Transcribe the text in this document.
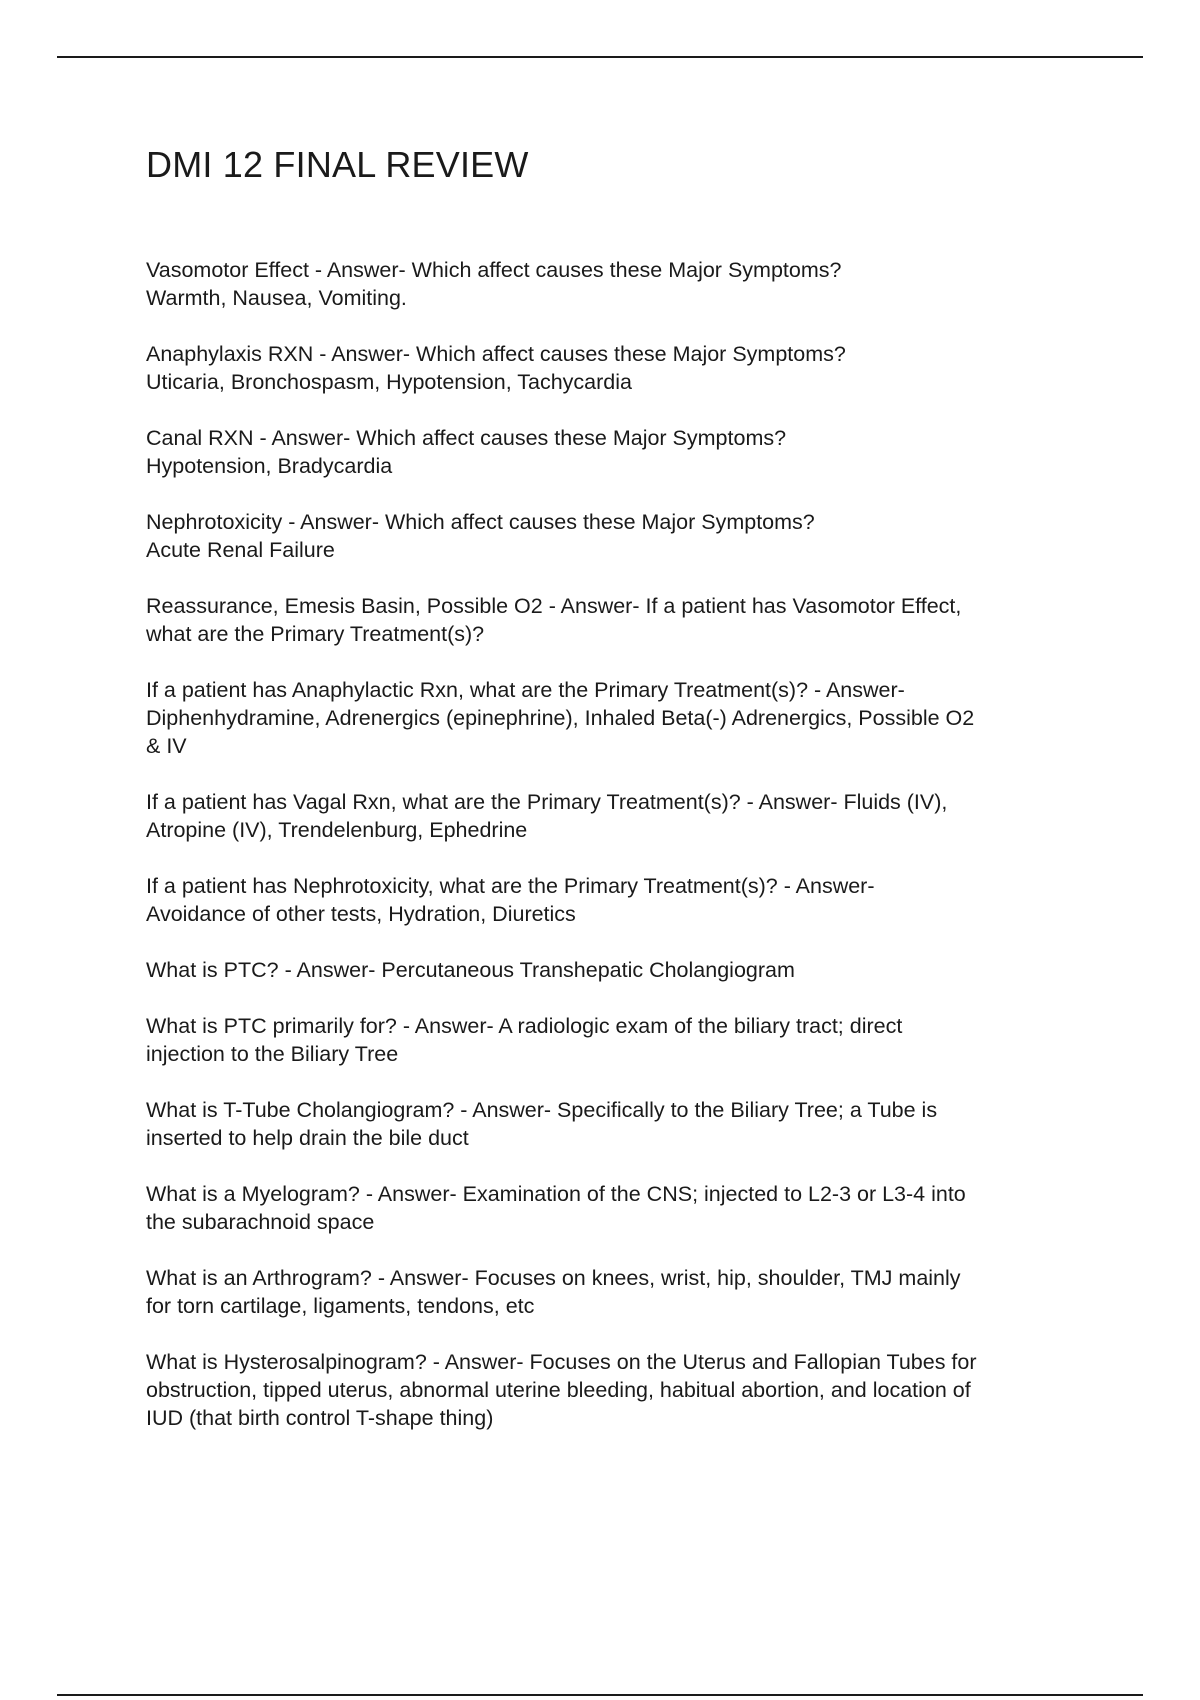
DMI 12 FINAL REVIEW

Vasomotor Effect - Answer- Which affect causes these Major Symptoms?
Warmth, Nausea, Vomiting.

Anaphylaxis RXN - Answer- Which affect causes these Major Symptoms?
Uticaria, Bronchospasm, Hypotension, Tachycardia

Canal RXN - Answer- Which affect causes these Major Symptoms?
Hypotension, Bradycardia

Nephrotoxicity - Answer- Which affect causes these Major Symptoms?
Acute Renal Failure

Reassurance, Emesis Basin, Possible O2 - Answer- If a patient has Vasomotor Effect,
what are the Primary Treatment(s)?

If a patient has Anaphylactic Rxn, what are the Primary Treatment(s)? - Answer-
Diphenhydramine, Adrenergics (epinephrine), Inhaled Beta(-) Adrenergics, Possible O2
& IV

If a patient has Vagal Rxn, what are the Primary Treatment(s)? - Answer- Fluids (IV),
Atropine (IV), Trendelenburg, Ephedrine

If a patient has Nephrotoxicity, what are the Primary Treatment(s)? - Answer-
Avoidance of other tests, Hydration, Diuretics

What is PTC? - Answer- Percutaneous Transhepatic Cholangiogram

What is PTC primarily for? - Answer- A radiologic exam of the biliary tract; direct
injection to the Biliary Tree

What is T-Tube Cholangiogram? - Answer- Specifically to the Biliary Tree; a Tube is
inserted to help drain the bile duct

What is a Myelogram? - Answer- Examination of the CNS; injected to L2-3 or L3-4 into
the subarachnoid space

What is an Arthrogram? - Answer- Focuses on knees, wrist, hip, shoulder, TMJ mainly
for torn cartilage, ligaments, tendons, etc

What is Hysterosalpinogram? - Answer- Focuses on the Uterus and Fallopian Tubes for
obstruction, tipped uterus, abnormal uterine bleeding, habitual abortion, and location of
IUD (that birth control T-shape thing)
